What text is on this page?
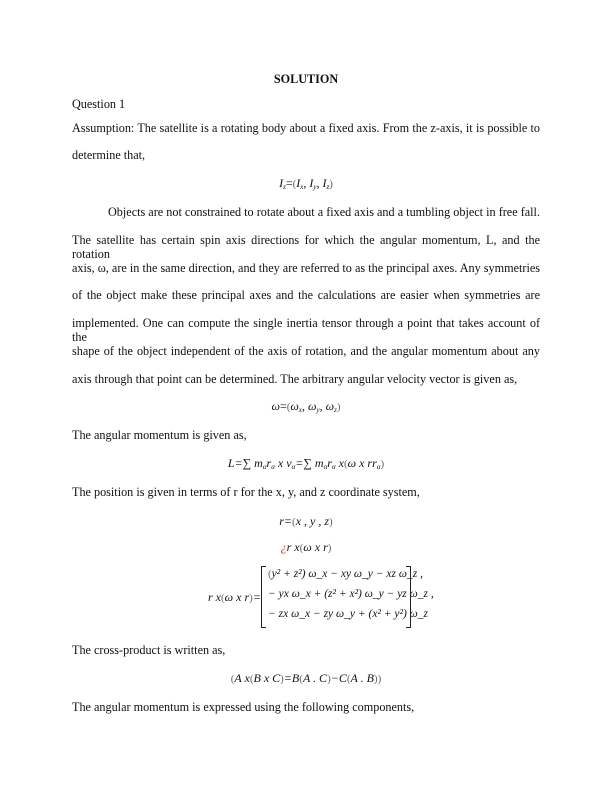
SOLUTION
Question 1
Assumption: The satellite is a rotating body about a fixed axis. From the z-axis, it is possible to
determine that,
$I_z=(I_x$, $I_y$, $I_z$)
Objects are not constrained to rotate about a fixed axis and a tumbling object in free fall.
The satellite has certain spin axis directions for which the angular momentum, L, and the rotation
axis, ω, are in the same direction, and they are referred to as the principal axes. Any symmetries
of the object make these principal axes and the calculations are easier when symmetries are
implemented. One can compute the single inertia tensor through a point that takes account of the
shape of the object independent of the axis of rotation, and the angular momentum about any
axis through that point can be determined. The arbitrary angular velocity vector is given as,
$\omega=(\omega_x$, $\omega_y$, $\omega_z$)
The angular momentum is given as,
L=∑ $m_\alpha r_\alpha$ x $v_\alpha=\sum$ $m_\alpha r_\alpha$ x(ω x $rr_\alpha$)
The position is given in terms of r for the x, y, and z coordinate system,
r=(x , y , z)
¿r x(ω x r)
r x(ω x r)=
(y² + z²) ω_x − xy ω_y − xz ω_z ,
− yx ω_x + (z² + x²) ω_y − yz ω_z ,
− zx ω_x − zy ω_y + (x² + y²) ω_z
The cross-product is written as,
(A x(B x C)=B(A . C)−C(A . B))
The angular momentum is expressed using the following components,
